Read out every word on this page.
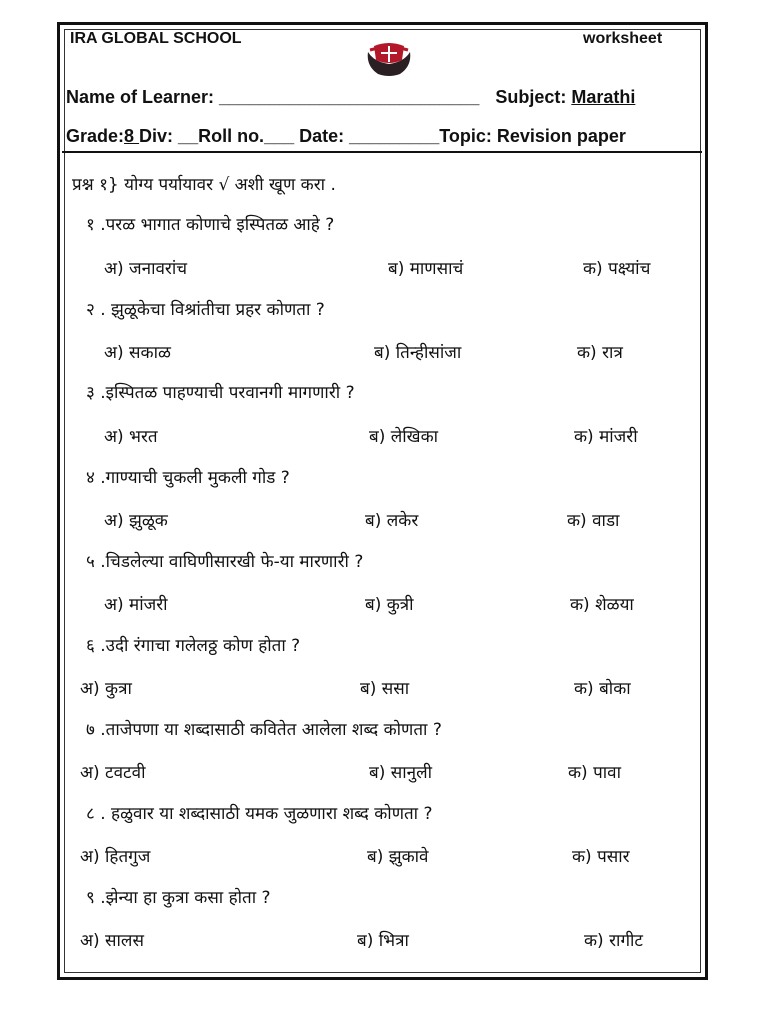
IRA GLOBAL SCHOOL	worksheet
Name of Learner: __________________________ Subject: Marathi
Grade:8 Div: __Roll no.___ Date: _________Topic: Revision paper
प्रश्न १} योग्य पर्यायावर √ अशी खूण करा .
१ .परळ भागात कोणाचे इस्पितळ आहे ?
अ) जनावरांच	ब) माणसाचं	क) पक्ष्यांच
२ . झुळूकेचा विश्रांतीचा प्रहर कोणता ?
अ) सकाळ	ब) तिन्हीसांजा	क) रात्र
३ .इस्पितळ पाहण्याची परवानगी मागणारी ?
अ) भरत	ब) लेखिका	क) मांजरी
४ .गाण्याची चुकली मुकली गोड ?
अ) झुळूक	ब) लकेर	क) वाडा
५ .चिडलेल्या वाघिणीसारखी फे-या मारणारी ?
अ) मांजरी	ब) कुत्री	क) शेळया
६ .उदी रंगाचा गलेलठ्ठ कोण होता ?
अ) कुत्रा	ब) ससा	क) बोका
७ .ताजेपणा या शब्दासाठी कवितेत आलेला शब्द कोणता ?
अ) टवटवी	ब) सानुली	क) पावा
८ . हळुवार या शब्दासाठी यमक जुळणारा शब्द कोणता ?
अ) हितगुज	ब) झुकावे	क) पसार
९ .झेन्या हा कुत्रा कसा होता ?
अ) सालस	ब) भित्रा	क) रागीट
